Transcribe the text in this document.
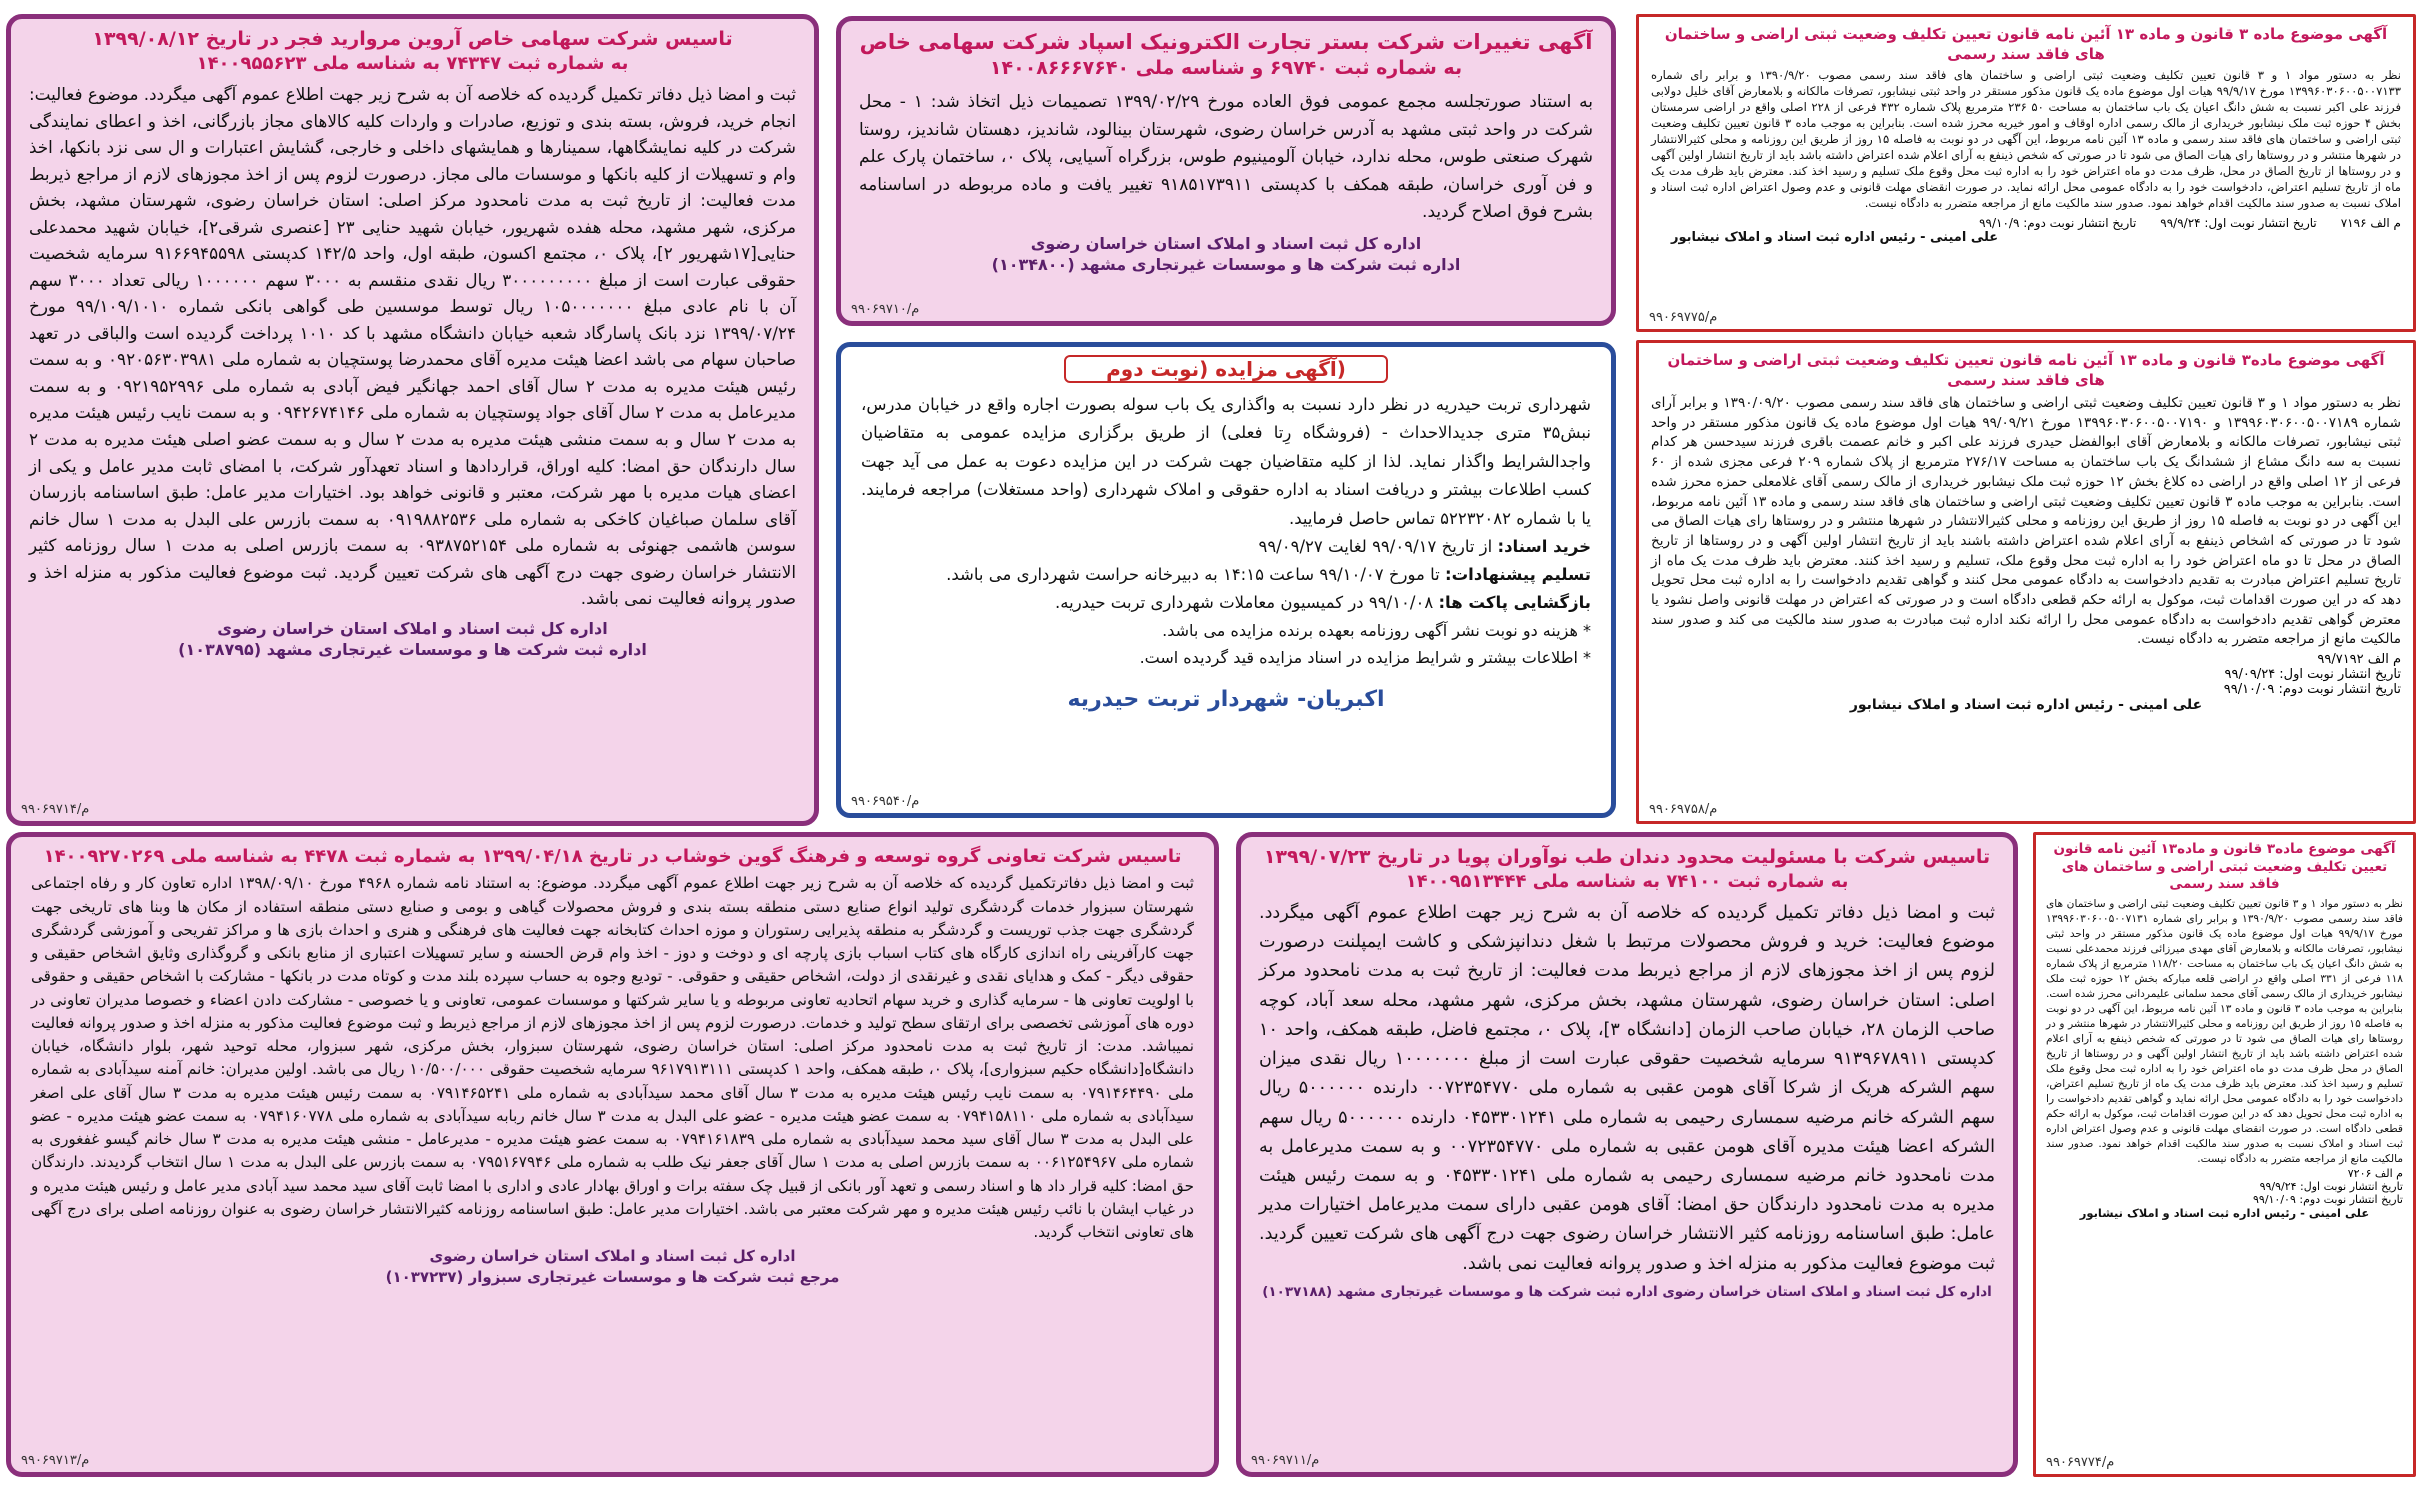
آگهی موضوع ماده ۳ قانون و ماده ۱۳ آئین نامه قانون تعیین تکلیف وضعیت ثبتی اراضی و ساختمان های فاقد سند رسمی

نظر به دستور مواد ۱ و ۳ قانون تعیین تکلیف وضعیت ثبتی اراضی و ساختمان های فاقد سند رسمی مصوب ۱۳۹۰/۹/۲۰ و برابر رای شماره ۱۳۹۹۶۰۳۰۶۰۰۵۰۰۷۱۳۳ مورخ ۹۹/۹/۱۷ هیات اول موضوع ماده یک قانون مذکور مستقر در واحد ثبتی نیشابور، تصرفات مالکانه و بلامعارض آقای خلیل دولابی فرزند علی اکبر نسبت به شش دانگ اعیان یک باب ساختمان به مساحت ۵۰ ۲۳۶ مترمربع پلاک شماره ۴۳۲ فرعی از ۲۲۸ اصلی واقع در اراضی سرمستان بخش ۴ حوزه ثبت ملک نیشابور خریداری از مالک رسمی اداره اوقاف و امور خیریه محرز شده است. بنابراین به موجب ماده ۳ قانون تعیین تکلیف وضعیت ثبتی اراضی و ساختمان های فاقد سند رسمی و ماده ۱۳ آئین نامه مربوط، این آگهی در دو نوبت به فاصله ۱۵ روز از طریق این روزنامه و محلی کثیرالانتشار در شهرها منتشر و در روستاها رای هیات الصاق می شود تا در صورتی که شخص ذینفع به آرای اعلام شده اعتراض داشته باشد باید از تاریخ انتشار اولین آگهی و در روستاها از تاریخ الصاق در محل، ظرف مدت دو ماه اعتراض خود را به اداره ثبت محل وقوع ملک تسلیم و رسید اخذ کند. معترض باید ظرف مدت یک ماه از تاریخ تسلیم اعتراض، دادخواست خود را به دادگاه عمومی محل ارائه نماید. در صورت انقضای مهلت قانونی و عدم وصول اعتراض اداره ثبت اسناد و املاک نسبت به صدور سند مالکیت اقدام خواهد نمود. صدور سند مالکیت مانع از مراجعه متضرر به دادگاه نیست.

م الف ۷۱۹۶
تاریخ انتشار نوبت اول: ۹۹/۹/۲۴
تاریخ انتشار نوبت دوم: ۹۹/۱۰/۹

علی امینی - رئیس اداره ثبت اسناد و املاک نیشابور

۹۹۰۶۹۷۷۵/م

آگهی تغییرات شرکت بستر تجارت الکترونیک اسپاد شرکت سهامی خاص

به شماره ثبت ۶۹۷۴۰ و شناسه ملی ۱۴۰۰۸۶۶۶۷۶۴۰

به استناد صورتجلسه مجمع عمومی فوق العاده مورخ ۱۳۹۹/۰۲/۲۹ تصمیمات ذیل اتخاذ شد: ۱ - محل شرکت در واحد ثبتی مشهد به آدرس خراسان رضوی، شهرستان بینالود، شاندیز، دهستان شاندیز، روستا شهرک صنعتی طوس، محله ندارد، خیابان آلومینیوم طوس، بزرگراه آسیایی، پلاک ۰، ساختمان پارک علم و فن آوری خراسان، طبقه همکف با کدپستی ۹۱۸۵۱۷۳۹۱۱ تغییر یافت و ماده مربوطه در اساسنامه بشرح فوق اصلاح گردید.

اداره کل ثبت اسناد و املاک استان خراسان رضوی

اداره ثبت شرکت ها و موسسات غیرتجاری مشهد (۱۰۳۴۸۰۰)

۹۹۰۶۹۷۱۰/م

تاسیس شرکت سهامی خاص آروین مروارید فجر در تاریخ ۱۳۹۹/۰۸/۱۲

به شماره ثبت ۷۴۳۴۷ به شناسه ملی ۱۴۰۰۹۵۵۶۲۳

ثبت و امضا ذیل دفاتر تکمیل گردیده که خلاصه آن به شرح زیر جهت اطلاع عموم آگهی میگردد. موضوع فعالیت: انجام خرید، فروش، بسته بندی و توزیع، صادرات و واردات کلیه کالاهای مجاز بازرگانی، اخذ و اعطای نمایندگی شرکت در کلیه نمایشگاهها، سمینارها و همایشهای داخلی و خارجی، گشایش اعتبارات و ال سی نزد بانکها، اخذ وام و تسهیلات از کلیه بانکها و موسسات مالی مجاز. درصورت لزوم پس از اخذ مجوزهای لازم از مراجع ذیربط مدت فعالیت: از تاریخ ثبت به مدت نامحدود مرکز اصلی: استان خراسان رضوی، شهرستان مشهد، بخش مرکزی، شهر مشهد، محله هفده شهریور، خیابان شهید حنایی ۲۳ [عنصری شرقی۲]، خیابان شهید محمدعلی حنایی[۱۷شهریور ۲]، پلاک ۰، مجتمع اکسون، طبقه اول، واحد ۱۴۲/۵ کدپستی ۹۱۶۶۹۴۵۵۹۸ سرمایه شخصیت حقوقی عبارت است از مبلغ ۳۰۰۰۰۰۰۰۰۰ ریال نقدی منقسم به ۳۰۰۰ سهم ۱۰۰۰۰۰۰ ریالی تعداد ۳۰۰۰ سهم آن با نام عادی مبلغ ۱۰۵۰۰۰۰۰۰۰ ریال توسط موسسین طی گواهی بانکی شماره ۹۹/۱۰۹/۱۰۱۰ مورخ ۱۳۹۹/۰۷/۲۴ نزد بانک پاسارگاد شعبه خیابان دانشگاه مشهد با کد ۱۰۱۰ پرداخت گردیده است والباقی در تعهد صاحبان سهام می باشد اعضا هیئت مدیره آقای محمدرضا پوستچیان به شماره ملی ۰۹۲۰۵۶۳۰۳۹۸۱ و به سمت رئیس هیئت مدیره به مدت ۲ سال آقای احمد جهانگیر فیض آبادی به شماره ملی ۰۹۲۱۹۵۲۹۹۶ و به سمت مدیرعامل به مدت ۲ سال آقای جواد پوستچیان به شماره ملی ۰۹۴۲۶۷۴۱۴۶ و به سمت نایب رئیس هیئت مدیره به مدت ۲ سال و به سمت منشی هیئت مدیره به مدت ۲ سال و به سمت عضو اصلی هیئت مدیره به مدت ۲ سال دارندگان حق امضا: کلیه اوراق، قراردادها و اسناد تعهدآور شرکت، با امضای ثابت مدیر عامل و یکی از اعضای هیات مدیره با مهر شرکت، معتبر و قانونی خواهد بود. اختیارات مدیر عامل: طبق اساسنامه بازرسان آقای سلمان صباغیان کاخکی به شماره ملی ۰۹۱۹۸۸۲۵۳۶ به سمت بازرس علی البدل به مدت ۱ سال خانم سوسن هاشمی جهنوئی به شماره ملی ۰۹۳۸۷۵۲۱۵۴ به سمت بازرس اصلی به مدت ۱ سال روزنامه کثیر الانتشار خراسان رضوی جهت درج آگهی های شرکت تعیین گردید. ثبت موضوع فعالیت مذکور به منزله اخذ و صدور پروانه فعالیت نمی باشد.

اداره کل ثبت اسناد و املاک استان خراسان رضوی

اداره ثبت شرکت ها و موسسات غیرتجاری مشهد (۱۰۳۸۷۹۵)

۹۹۰۶۹۷۱۴/م

آگهی موضوع ماده۳ قانون و ماده ۱۳ آئین نامه قانون تعیین تکلیف وضعیت ثبتی اراضی و ساختمان های فاقد سند رسمی

نظر به دستور مواد ۱ و ۳ قانون تعیین تکلیف وضعیت ثبتی اراضی و ساختمان های فاقد سند رسمی مصوب ۱۳۹۰/۰۹/۲۰ و برابر آرای شماره ۱۳۹۹۶۰۳۰۶۰۰۵۰۰۷۱۸۹ و ۱۳۹۹۶۰۳۰۶۰۰۵۰۰۷۱۹۰ مورخ ۹۹/۰۹/۲۱ هیات اول موضوع ماده یک قانون مذکور مستقر در واحد ثبتی نیشابور، تصرفات مالکانه و بلامعارض آقای ابوالفضل حیدری فرزند علی اکبر و خانم عصمت باقری فرزند سیدحسن هر کدام نسبت به سه دانگ مشاع از ششدانگ یک باب ساختمان به مساحت ۲۷۶/۱۷ مترمربع از پلاک شماره ۲۰۹ فرعی مجزی شده از ۶۰ فرعی از ۱۲ اصلی واقع در اراضی ده کلاغ بخش ۱۲ حوزه ثبت ملک نیشابور خریداری از مالک رسمی آقای غلامعلی حمزه محرز شده است. بنابراین به موجب ماده ۳ قانون تعیین تکلیف وضعیت ثبتی اراضی و ساختمان های فاقد سند رسمی و ماده ۱۳ آئین نامه مربوط، این آگهی در دو نوبت به فاصله ۱۵ روز از طریق این روزنامه و محلی کثیرالانتشار در شهرها منتشر و در روستاها رای هیات الصاق می شود تا در صورتی که اشخاص ذینفع به آرای اعلام شده اعتراض داشته باشند باید از تاریخ انتشار اولین آگهی و در روستاها از تاریخ الصاق در محل تا دو ماه اعتراض خود را به اداره ثبت محل وقوع ملک، تسلیم و رسید اخذ کنند. معترض باید ظرف مدت یک ماه از تاریخ تسلیم اعتراض مبادرت به تقدیم دادخواست به دادگاه عمومی محل کنند و گواهی تقدیم دادخواست را به اداره ثبت محل تحویل دهد که در این صورت اقدامات ثبت، موکول به ارائه حکم قطعی دادگاه است و در صورتی که اعتراض در مهلت قانونی واصل نشود یا معترض گواهی تقدیم دادخواست به دادگاه عمومی محل را ارائه نکند اداره ثبت مبادرت به صدور سند مالکیت می کند و صدور سند مالکیت مانع از مراجعه متضرر به دادگاه نیست.

م الف ۹۹/۷۱۹۲
تاریخ انتشار نوبت اول: ۹۹/۰۹/۲۴
تاریخ انتشار نوبت دوم: ۹۹/۱۰/۰۹

علی امینی - رئیس اداره ثبت اسناد و املاک نیشابور

۹۹۰۶۹۷۵۸/م
(آگهی مزایده (نوبت دوم

شهرداری تربت حیدریه در نظر دارد نسبت به واگذاری یک باب سوله بصورت اجاره واقع در خیابان مدرس، نبش۳۵ متری جدیدالاحداث - (فروشگاه رِتا فعلی) از طریق برگزاری مزایده عمومی به متقاضیان واجدالشرایط واگذار نماید. لذا از کلیه متقاضیان جهت شرکت در این مزایده دعوت به عمل می آید جهت کسب اطلاعات بیشتر و دریافت اسناد به اداره حقوقی و املاک شهرداری (واحد مستغلات) مراجعه فرمایند. یا با شماره ۵۲۲۳۲۰۸۲ تماس حاصل فرمایید.

خرید اسناد: از تاریخ ۹۹/۰۹/۱۷ لغایت ۹۹/۰۹/۲۷

تسلیم پیشنهادات: تا مورخ ۹۹/۱۰/۰۷ ساعت ۱۴:۱۵ به دبیرخانه حراست شهرداری می باشد.

بازگشایی پاکت ها: ۹۹/۱۰/۰۸ در کمیسیون معاملات شهرداری تربت حیدریه.

* هزینه دو نوبت نشر آگهی روزنامه بعهده برنده مزایده می باشد.

* اطلاعات بیشتر و شرایط مزایده در اسناد مزایده قید گردیده است.

اکبریان- شهردار تربت حیدریه

۹۹۰۶۹۵۴۰/م

آگهی موضوع ماده۳ قانون و ماده۱۳ آئین نامه قانون تعیین تکلیف وضعیت ثبتی اراضی و ساختمان های فاقد سند رسمی

نظر به دستور مواد ۱ و ۳ قانون تعیین تکلیف وضعیت ثبتی اراضی و ساختمان های فاقد سند رسمی مصوب ۱۳۹۰/۹/۲۰ و برابر رای شماره ۱۳۹۹۶۰۳۰۶۰۰۵۰۰۷۱۳۱ مورخ ۹۹/۹/۱۷ هیات اول موضوع ماده یک قانون مذکور مستقر در واحد ثبتی نیشابور، تصرفات مالکانه و بلامعارض آقای مهدی میرزائی فرزند محمدعلی نسبت به شش دانگ اعیان یک باب ساختمان به مساحت ۱۱۸/۲۰ مترمربع از پلاک شماره ۱۱۸ فرعی از ۳۳۱ اصلی واقع در اراضی قلعه مبارکه بخش ۱۲ حوزه ثبت ملک نیشابور خریداری از مالک رسمی آقای محمد سلمانی علیمردانی محرز شده است. بنابراین به موجب ماده ۳ قانون و ماده ۱۳ آئین نامه مربوط، این آگهی در دو نوبت به فاصله ۱۵ روز از طریق این روزنامه و محلی کثیرالانتشار در شهرها منتشر و در روستاها رای هیات الصاق می شود تا در صورتی که شخص ذینفع به آرای اعلام شده اعتراض داشته باشد باید از تاریخ انتشار اولین آگهی و در روستاها از تاریخ الصاق در محل ظرف مدت دو ماه اعتراض خود را به اداره ثبت محل وقوع ملک تسلیم و رسید اخذ کند. معترض باید ظرف مدت یک ماه از تاریخ تسلیم اعتراض، دادخواست خود را به دادگاه عمومی محل ارائه نماید و گواهی تقدیم دادخواست را به اداره ثبت محل تحویل دهد که در این صورت اقدامات ثبت، موکول به ارائه حکم قطعی دادگاه است. در صورت انقضای مهلت قانونی و عدم وصول اعتراض اداره ثبت اسناد و املاک نسبت به صدور سند مالکیت اقدام خواهد نمود. صدور سند مالکیت مانع از مراجعه متضرر به دادگاه نیست.

م الف ۷۲۰۶
تاریخ انتشار نوبت اول: ۹۹/۹/۲۴
تاریخ انتشار نوبت دوم: ۹۹/۱۰/۰۹

علی امینی - رئیس اداره ثبت اسناد و املاک نیشابور

۹۹۰۶۹۷۷۴/م

تاسیس شرکت با مسئولیت محدود دندان طب نوآوران پویا در تاریخ ۱۳۹۹/۰۷/۲۳

به شماره ثبت ۷۴۱۰۰ به شناسه ملی ۱۴۰۰۹۵۱۳۴۴۴

ثبت و امضا ذیل دفاتر تکمیل گردیده که خلاصه آن به شرح زیر جهت اطلاع عموم آگهی میگردد. موضوع فعالیت: خرید و فروش محصولات مرتبط با شغل دندانپزشکی و کاشت ایمپلنت درصورت لزوم پس از اخذ مجوزهای لازم از مراجع ذیربط مدت فعالیت: از تاریخ ثبت به مدت نامحدود مرکز اصلی: استان خراسان رضوی، شهرستان مشهد، بخش مرکزی، شهر مشهد، محله سعد آباد، کوچه صاحب الزمان ۲۸، خیابان صاحب الزمان [دانشگاه ۳]، پلاک ۰، مجتمع فاضل، طبقه همکف، واحد ۱۰ کدپستی ۹۱۳۹۶۷۸۹۱۱ سرمایه شخصیت حقوقی عبارت است از مبلغ ۱۰۰۰۰۰۰۰ ریال نقدی میزان سهم الشرکه هریک از شرکا آقای هومن عقبی به شماره ملی ۰۰۷۲۳۵۴۷۷۰ دارنده ۵۰۰۰۰۰۰ ریال سهم الشرکه خانم مرضیه سمساری رحیمی به شماره ملی ۰۴۵۳۳۰۱۲۴۱ دارنده ۵۰۰۰۰۰۰ ریال سهم الشرکه اعضا هیئت مدیره آقای هومن عقبی به شماره ملی ۰۰۷۲۳۵۴۷۷۰ و به سمت مدیرعامل به مدت نامحدود خانم مرضیه سمساری رحیمی به شماره ملی ۰۴۵۳۳۰۱۲۴۱ و به سمت رئیس هیئت مدیره به مدت نامحدود دارندگان حق امضا: آقای هومن عقبی دارای سمت مدیرعامل اختیارات مدیر عامل: طبق اساسنامه روزنامه کثیر الانتشار خراسان رضوی جهت درج آگهی های شرکت تعیین گردید. ثبت موضوع فعالیت مذکور به منزله اخذ و صدور پروانه فعالیت نمی باشد.

اداره کل ثبت اسناد و املاک استان خراسان رضوی اداره ثبت شرکت ها و موسسات غیرتجاری مشهد (۱۰۳۷۱۸۸)

۹۹۰۶۹۷۱۱/م

تاسیس شرکت تعاونی گروه توسعه و فرهنگ گوین خوشاب در تاریخ ۱۳۹۹/۰۴/۱۸ به شماره ثبت ۴۴۷۸ به شناسه ملی ۱۴۰۰۹۲۷۰۲۶۹

ثبت و امضا ذیل دفاترتکمیل گردیده که خلاصه آن به شرح زیر جهت اطلاع عموم آگهی میگردد. موضوع: به استناد نامه شماره ۴۹۶۸ مورخ ۱۳۹۸/۰۹/۱۰ اداره تعاون کار و رفاه اجتماعی شهرستان سبزوار خدمات گردشگری تولید انواع صنایع دستی منطقه بسته بندی و فروش محصولات گیاهی و بومی و صنایع دستی منطقه استفاده از مکان ها وبنا های تاریخی جهت گردشگری جهت جذب توریست و گردشگر به منطقه پذیرایی رستوران و موزه احداث کتابخانه جهت فعالیت های فرهنگی و هنری و احداث بازی ها و مراکز تفریحی و آموزشی گردشگری جهت کارآفرینی راه اندازی کارگاه های کتاب اسباب بازی پارچه ای و دوخت و دوز - اخذ وام قرض الحسنه و سایر تسهیلات اعتباری از منابع بانکی و گروگذاری وثایق اشخاص حقیقی و حقوقی دیگر - کمک و هدایای نقدی و غیرنقدی از دولت، اشخاص حقیقی و حقوقی. - تودیع وجوه به حساب سپرده بلند مدت و کوتاه مدت در بانکها - مشارکت با اشخاص حقیقی و حقوقی با اولویت تعاونی ها - سرمایه گذاری و خرید سهام اتحادیه تعاونی مربوطه و یا سایر شرکتها و موسسات عمومی، تعاونی و یا خصوصی - مشارکت دادن اعضاء و خصوصا مدیران تعاونی در دوره های آموزشی تخصصی برای ارتقای سطح تولید و خدمات. درصورت لزوم پس از اخذ مجوزهای لازم از مراجع ذیربط و ثبت موضوع فعالیت مذکور به منزله اخذ و صدور پروانه فعالیت نمیباشد. مدت: از تاریخ ثبت به مدت نامحدود مرکز اصلی: استان خراسان رضوی، شهرستان سبزوار، بخش مرکزی، شهر سبزوار، محله توحید شهر، بلوار دانشگاه، خیابان دانشگاه[دانشگاه حکیم سبزواری]، پلاک ۰، طبقه همکف، واحد ۱ کدپستی ۹۶۱۷۹۱۳۱۱۱ سرمایه شخصیت حقوقی ۱۰/۵۰۰/۰۰۰ ریال می باشد. اولین مدیران: خانم آمنه سیدآبادی به شماره ملی ۰۷۹۱۴۶۴۴۹۰ به سمت نایب رئیس هیئت مدیره به مدت ۳ سال آقای محمد سیدآبادی به شماره ملی ۰۷۹۱۴۶۵۲۴۱ به سمت رئیس هیئت مدیره به مدت ۳ سال آقای علی اصغر سیدآبادی به شماره ملی ۰۷۹۴۱۵۸۱۱۰ به سمت عضو هیئت مدیره - عضو علی البدل به مدت ۳ سال خانم ربابه سیدآبادی به شماره ملی ۰۷۹۴۱۶۰۷۷۸ به سمت عضو هیئت مدیره - عضو علی البدل به مدت ۳ سال آقای سید محمد سیدآبادی به شماره ملی ۰۷۹۴۱۶۱۸۳۹ به سمت عضو هیئت مدیره - مدیرعامل - منشی هیئت مدیره به مدت ۳ سال خانم گیسو غفغوری به شماره ملی ۰۰۶۱۲۵۴۹۶۷ به سمت بازرس اصلی به مدت ۱ سال آقای جعفر نیک طلب به شماره ملی ۰۷۹۵۱۶۷۹۴۶ به سمت بازرس علی البدل به مدت ۱ سال انتخاب گردیدند. دارندگان حق امضا: کلیه قرار داد ها و اسناد رسمی و تعهد آور بانکی از قبیل چک سفته برات و اوراق بهادار عادی و اداری با امضا ثابت آقای سید محمد سید آبادی مدیر عامل و رئیس هیئت مدیره و در غیاب ایشان با نائب رئیس هیئت مدیره و مهر شرکت معتبر می باشد. اختیارات مدیر عامل: طبق اساسنامه روزنامه کثیرالانتشار خراسان رضوی به عنوان روزنامه اصلی برای درج آگهی های تعاونی انتخاب گردید.

اداره کل ثبت اسناد و املاک استان خراسان رضوی

مرجع ثبت شرکت ها و موسسات غیرتجاری سبزوار (۱۰۳۷۲۳۷)

۹۹۰۶۹۷۱۳/م
